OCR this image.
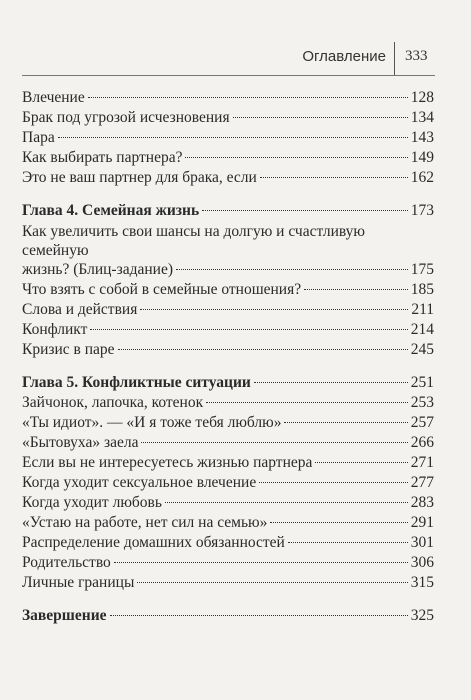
Оглавление 333
Влечение	128
Брак под угрозой исчезновения	134
Пара	143
Как выбирать партнера?	149
Это не ваш партнер для брака, если	162
Глава 4. Семейная жизнь	173
Как увеличить свои шансы на долгую и счастливую семейную
жизнь? (Блиц-задание)	175
Что взять с собой в семейные отношения?	185
Слова и действия	211
Конфликт	214
Кризис в паре	245
Глава 5. Конфликтные ситуации	251
Зайчонок, лапочка, котенок	253
«Ты идиот». — «И я тоже тебя люблю»	257
«Бытовуха» заела	266
Если вы не интересуетесь жизнью партнера	271
Когда уходит сексуальное влечение	277
Когда уходит любовь	283
«Устаю на работе, нет сил на семью»	291
Распределение домашних обязанностей	301
Родительство	306
Личные границы	315
Завершение	325
